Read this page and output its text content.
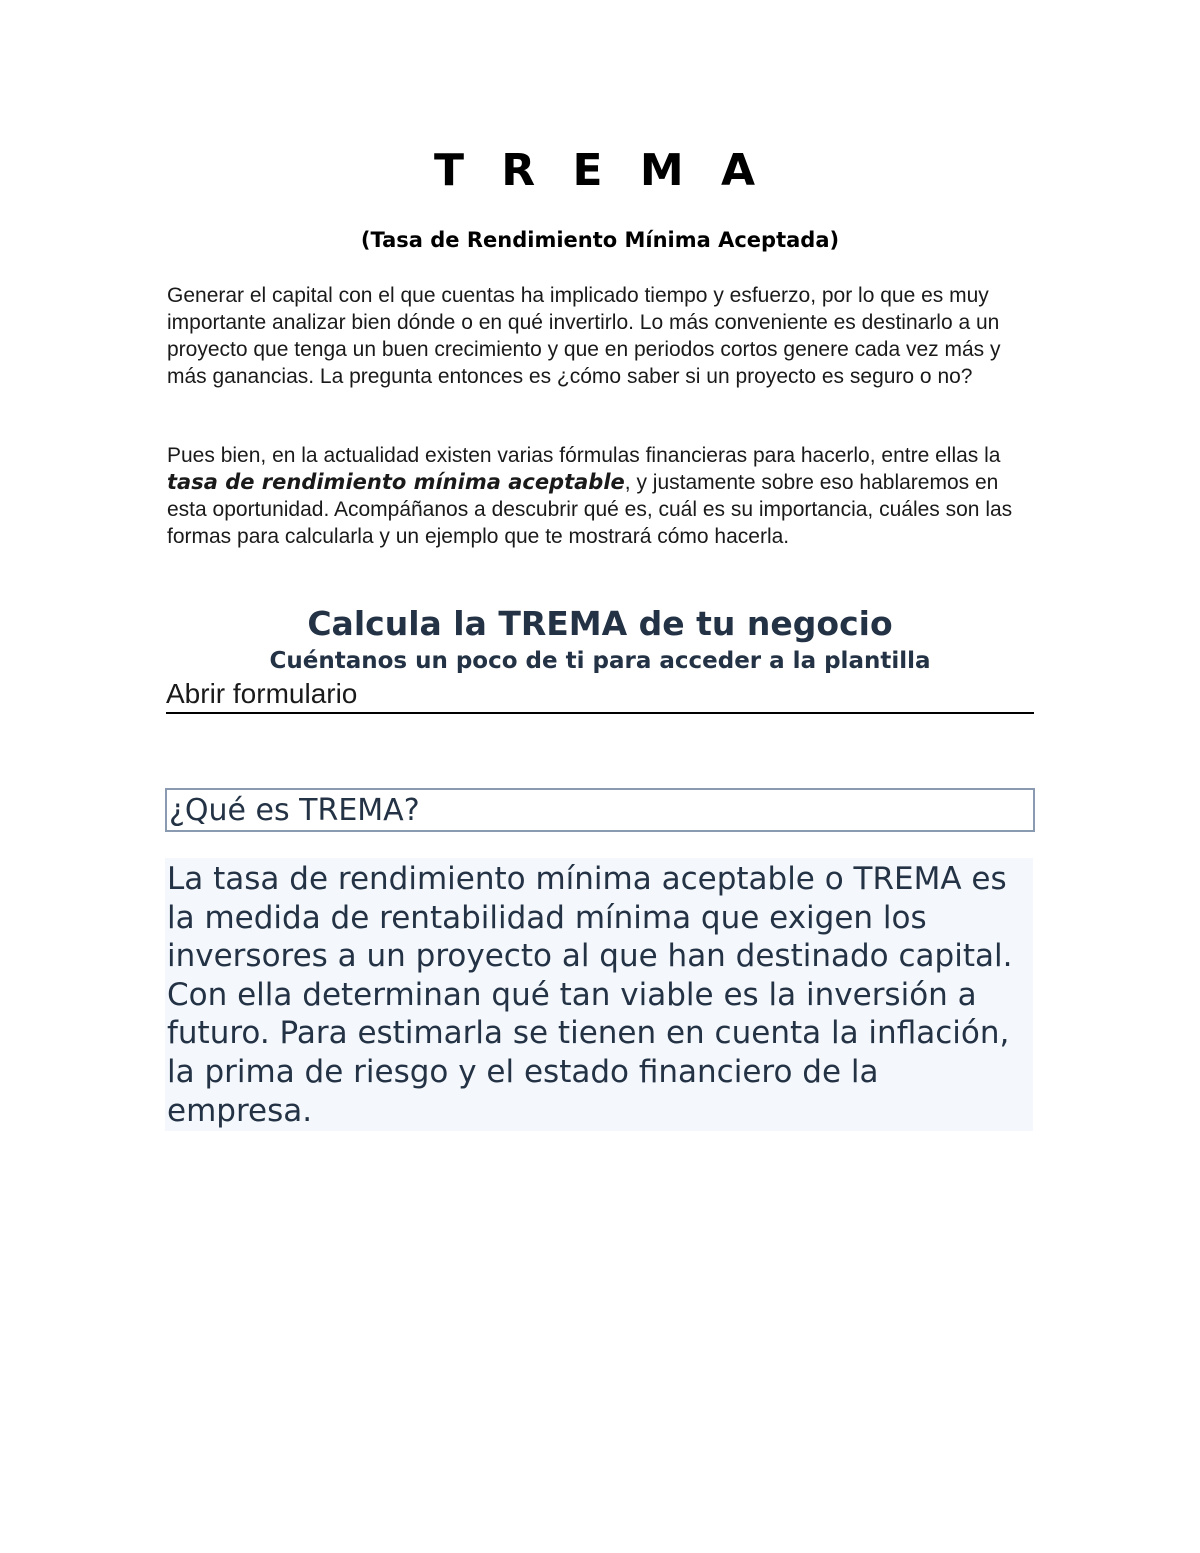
T R E M A

(Tasa de Rendimiento Mínima Aceptada)

Generar el capital con el que cuentas ha implicado tiempo y esfuerzo, por lo que es muy importante analizar bien dónde o en qué invertirlo. Lo más conveniente es destinarlo a un proyecto que tenga un buen crecimiento y que en periodos cortos genere cada vez más y más ganancias. La pregunta entonces es ¿cómo saber si un proyecto es seguro o no?

Pues bien, en la actualidad existen varias fórmulas financieras para hacerlo, entre ellas la tasa de rendimiento mínima aceptable, y justamente sobre eso hablaremos en esta oportunidad. Acompáñanos a descubrir qué es, cuál es su importancia, cuáles son las formas para calcularla y un ejemplo que te mostrará cómo hacerla.

Calcula la TREMA de tu negocio

Cuéntanos un poco de ti para acceder a la plantilla

Abrir formulario
¿Qué es TREMA?

La tasa de rendimiento mínima aceptable o TREMA es la medida de rentabilidad mínima que exigen los inversores a un proyecto al que han destinado capital. Con ella determinan qué tan viable es la inversión a futuro. Para estimarla se tienen en cuenta la inflación, la prima de riesgo y el estado financiero de la empresa.
